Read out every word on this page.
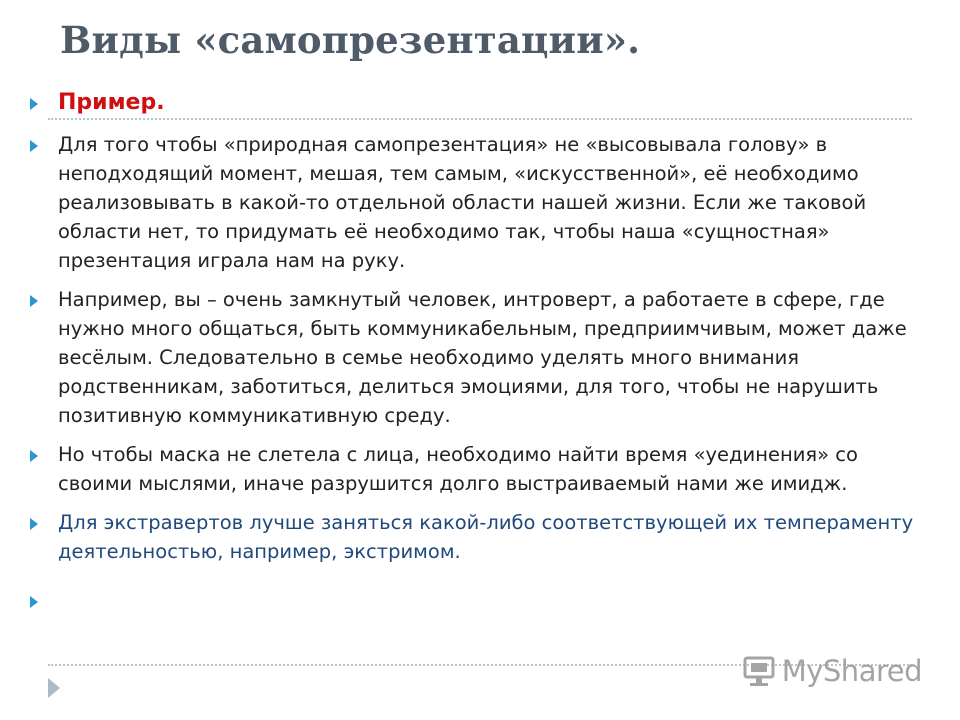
Виды «самопрезентации».
Пример.
Для того чтобы «природная самопрезентация» не «высовывала голову» в неподходящий момент, мешая, тем самым, «искусственной», её необходимо реализовывать в какой-то отдельной области нашей жизни. Если же таковой области нет, то придумать её необходимо так, чтобы наша «сущностная» презентация играла нам на руку.
Например, вы – очень замкнутый человек, интроверт, а работаете в сфере, где нужно много общаться, быть коммуникабельным, предприимчивым, может даже весёлым. Следовательно в семье необходимо уделять много внимания родственникам, заботиться, делиться эмоциями, для того, чтобы не нарушить позитивную коммуникативную среду.
Но чтобы маска не слетела с лица, необходимо найти время «уединения» со своими мыслями, иначе разрушится долго выстраиваемый нами же имидж.
Для экстравертов лучше заняться какой-либо соответствующей их темпераменту деятельностью, например, экстримом.
MyShared
